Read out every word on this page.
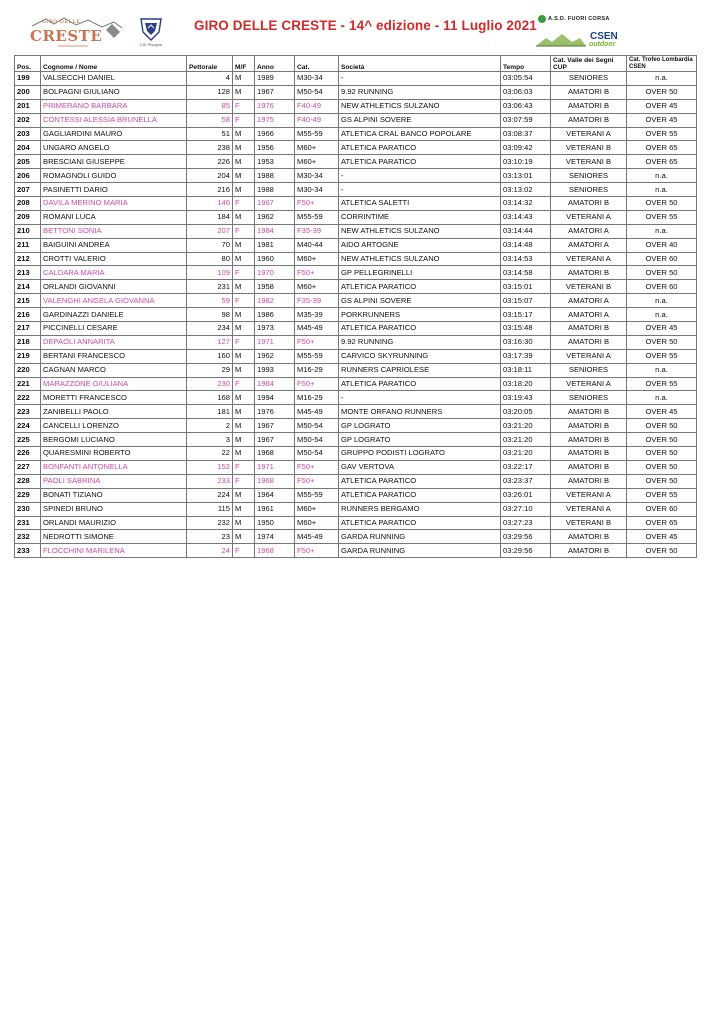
GIRO DELLE
CRESTE	CAI Pisogne
GIRO DELLE CRESTE - 14^ edizione - 11 Luglio 2021 A.S.D. FUORI CORSA
CSEN
outdoor
Pos.	Cognome / Nome	Pettorale	M/F	Anno	Cat.	Società	Tempo	Cat. Valle dei Segni CUP	Cat. Trofeo Lombardia CSEN
199	VALSECCHI DANIEL	4	M	1989	M30-34	-	03:05:54	SENIORES	n.a.
200	BOLPAGNI GIULIANO	128	M	1967	M50-54	9.92 RUNNING	03:06:03	AMATORI B	OVER 50
201	PRIMERANO BARBARA	85	F	1976	F40-49	NEW ATHLETICS SULZANO	03:06:43	AMATORI B	OVER 45
202	CONTESSI ALESSIA BRUNELLA	58	F	1975	F40-49	GS ALPINI SOVERE	03:07:59	AMATORI B	OVER 45
203	GAGLIARDINI MAURO	51	M	1966	M55-59	ATLETICA CRAL BANCO POPOLARE	03:08:37	VETERANI A	OVER 55
204	UNGARO ANGELO	238	M	1956	M60+	ATLETICA PARATICO	03:09:42	VETERANI B	OVER 65
205	BRESCIANI GIUSEPPE	226	M	1953	M60+	ATLETICA PARATICO	03:10:19	VETERANI B	OVER 65
206	ROMAGNOLI GUIDO	204	M	1988	M30-34	-	03:13:01	SENIORES	n.a.
207	PASINETTI DARIO	216	M	1988	M30-34	-	03:13:02	SENIORES	n.a.
208	DAVILA MERINO MARIA	146	F	1967	F50+	ATLETICA SALETTI	03:14:32	AMATORI B	OVER 50
209	ROMANI LUCA	184	M	1962	M55-59	CORRINTIME	03:14:43	VETERANI A	OVER 55
210	BETTONI SONIA	207	F	1984	F35-39	NEW ATHLETICS SULZANO	03:14:44	AMATORI A	n.a.
211	BAIGUINI ANDREA	70	M	1981	M40-44	AIDO ARTOGNE	03:14:48	AMATORI A	OVER 40
212	CROTTI VALERIO	80	M	1960	M60+	NEW ATHLETICS SULZANO	03:14:53	VETERANI A	OVER 60
213	CALDARA MARIA	109	F	1970	F50+	GP PELLEGRINELLI	03:14:58	AMATORI B	OVER 50
214	ORLANDI GIOVANNI	231	M	1958	M60+	ATLETICA PARATICO	03:15:01	VETERANI B	OVER 60
215	VALENGHI ANGELA GIOVANNA	59	F	1982	F35-39	GS ALPINI SOVERE	03:15:07	AMATORI A	n.a.
216	GARDINAZZI DANIELE	98	M	1986	M35-39	PORKRUNNERS	03:15:17	AMATORI A	n.a.
217	PICCINELLI CESARE	234	M	1973	M45-49	ATLETICA PARATICO	03:15:48	AMATORI B	OVER 45
218	DEPAOLI ANNARITA	127	F	1971	F50+	9.92 RUNNING	03:16:30	AMATORI B	OVER 50
219	BERTANI FRANCESCO	160	M	1962	M55-59	CARVICO SKYRUNNING	03:17:39	VETERANI A	OVER 55
220	CAGNAN MARCO	29	M	1993	M16-29	RUNNERS CAPRIOLESE	03:18:11	SENIORES	n.a.
221	MARAZZONE GIULIANA	230	F	1964	F50+	ATLETICA PARATICO	03:18:20	VETERANI A	OVER 55
222	MORETTI FRANCESCO	168	M	1994	M16-29	-	03:19:43	SENIORES	n.a.
223	ZANIBELLI PAOLO	181	M	1976	M45-49	MONTE ORFANO RUNNERS	03:20:05	AMATORI B	OVER 45
224	CANCELLI LORENZO	2	M	1967	M50-54	GP LOGRATO	03:21:20	AMATORI B	OVER 50
225	BERGOMI LUCIANO	3	M	1967	M50-54	GP LOGRATO	03:21:20	AMATORI B	OVER 50
226	QUARESMINI ROBERTO	22	M	1968	M50-54	GRUPPO PODISTI LOGRATO	03:21:20	AMATORI B	OVER 50
227	BONFANTI ANTONELLA	152	F	1971	F50+	GAV VERTOVA	03:22:17	AMATORI B	OVER 50
228	PAOLI SABRINA	233	F	1968	F50+	ATLETICA PARATICO	03:23:37	AMATORI B	OVER 50
229	BONATI TIZIANO	224	M	1964	M55-59	ATLETICA PARATICO	03:26:01	VETERANI A	OVER 55
230	SPINEDI BRUNO	115	M	1961	M60+	RUNNERS BERGAMO	03:27:10	VETERANI A	OVER 60
231	ORLANDI MAURIZIO	232	M	1950	M60+	ATLETICA PARATICO	03:27:23	VETERANI B	OVER 65
232	NEDROTTI SIMONE	23	M	1974	M45-49	GARDA RUNNING	03:29:56	AMATORI B	OVER 45
233	FLOCCHINI MARILENA	24	F	1968	F50+	GARDA RUNNING	03:29:56	AMATORI B	OVER 50
